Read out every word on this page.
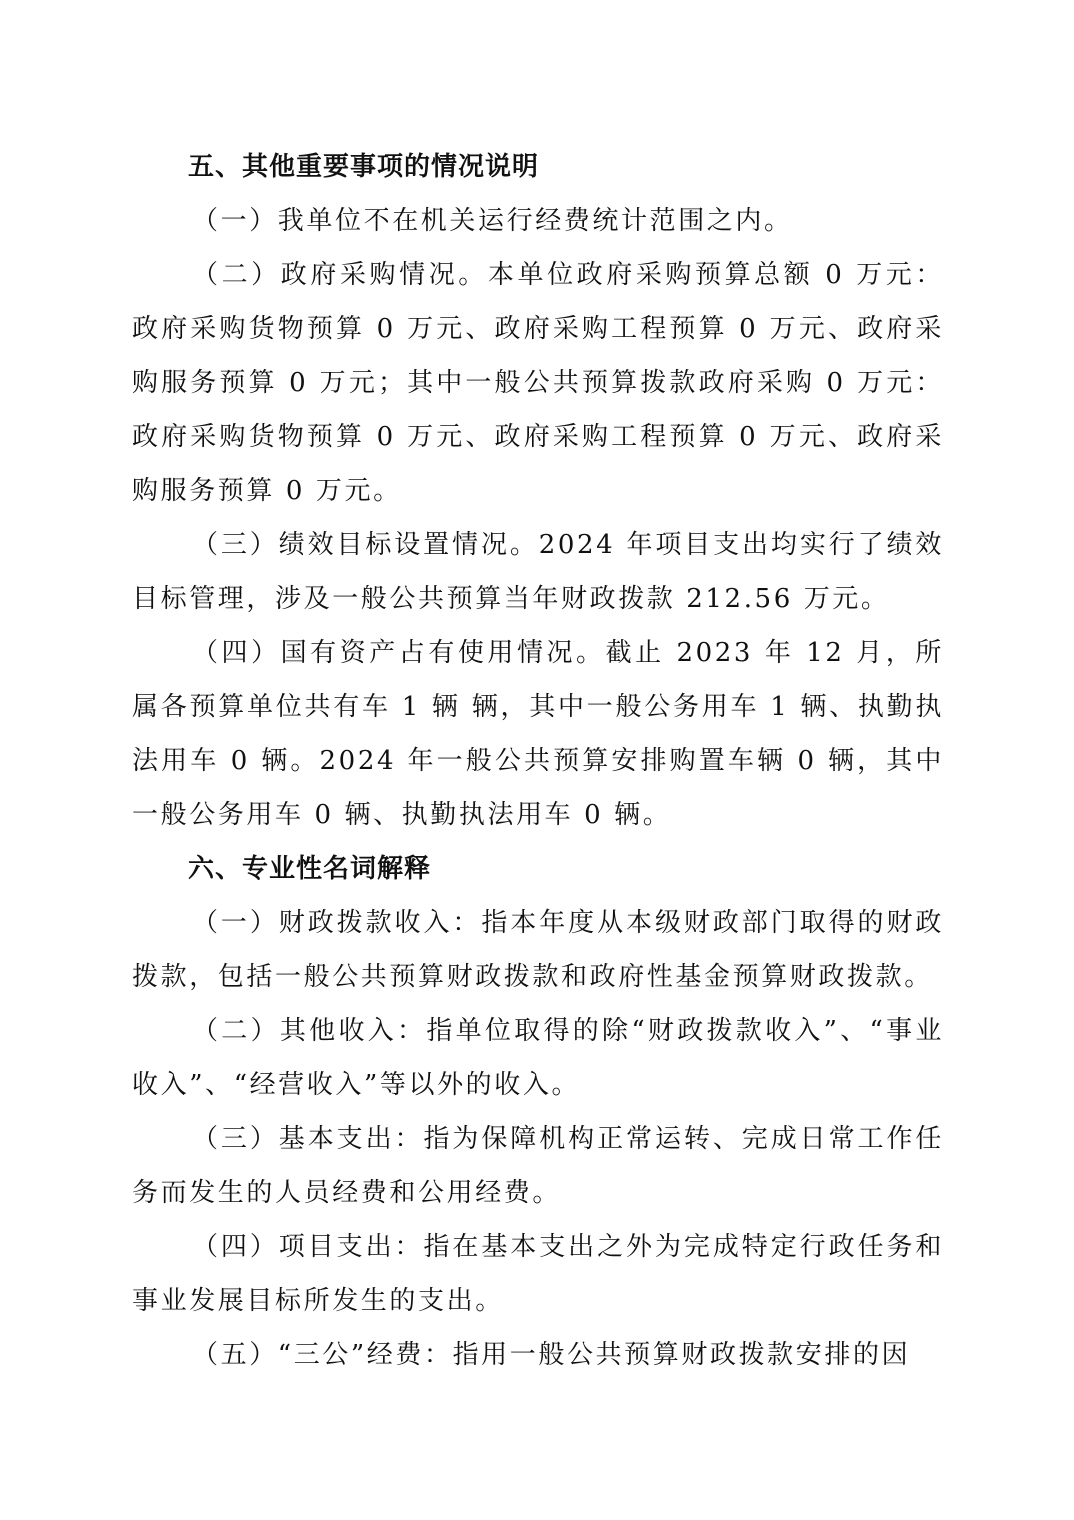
五、其他重要事项的情况说明

（一）我单位不在机关运行经费统计范围之内。

（二）政府采购情况。本单位政府采购预算总额 0 万元：政府采购货物预算 0 万元、政府采购工程预算 0 万元、政府采购服务预算 0 万元；其中一般公共预算拨款政府采购 0 万元：政府采购货物预算 0 万元、政府采购工程预算 0 万元、政府采购服务预算 0 万元。

（三）绩效目标设置情况。2024 年项目支出均实行了绩效目标管理，涉及一般公共预算当年财政拨款 212.56 万元。

（四）国有资产占有使用情况。截止 2023 年 12 月，所属各预算单位共有车 1 辆 辆，其中一般公务用车 1 辆、执勤执法用车 0 辆。2024 年一般公共预算安排购置车辆 0 辆，其中一般公务用车 0 辆、执勤执法用车 0 辆。

六、专业性名词解释

（一）财政拨款收入：指本年度从本级财政部门取得的财政拨款，包括一般公共预算财政拨款和政府性基金预算财政拨款。

（二）其他收入：指单位取得的除“财政拨款收入”、“事业收入”、“经营收入”等以外的收入。

（三）基本支出：指为保障机构正常运转、完成日常工作任务而发生的人员经费和公用经费。

（四）项目支出：指在基本支出之外为完成特定行政任务和事业发展目标所发生的支出。

（五）“三公”经费：指用一般公共预算财政拨款安排的因
